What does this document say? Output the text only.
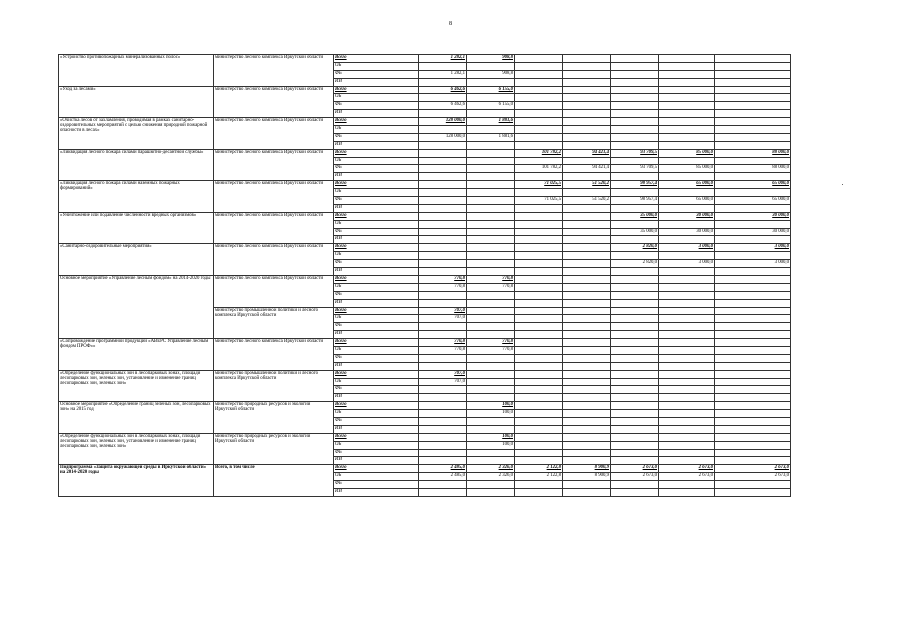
8
«Устройство противопожарных минерализованных полос»	министерство лесного комплекса Иркутской области	Всего	1 282,1	908,8					
		ОБ							
		ФБ	1 282,1	908,8					
		ИИ							
«Уход за лесами»	министерство лесного комплекса Иркутской области	Всего	6 462,6	6 155,0					
		ОБ							
		ФБ	6 462,6	6 155,0					
		ИИ							
«Очистка лесов от захламления, проводимая в рамках санитарно-оздоровительных мероприятий с целью снижения природной пожарной опасности в лесах»	министерство лесного комплекса Иркутской области	Всего	128 000,0	1 881,6					
		ОБ							
		ФБ	128 000,0	1 881,6					
		ИИ							
«Ликвидация лесного пожара силами парашютно-десантной службы»	министерство лесного комплекса Иркутской области	Всего			101 782,2	94 421,4	93 709,5	85 000,0	88 000,0
		ОБ							
		ФБ			101 782,2	94 421,4	93 709,5	85 000,0	88 000,0
		ИИ							
«Ликвидация лесного пожара силами наземных пожарных формирований»	министерство лесного комплекса Иркутской области	Всего			71 025,5	51 520,2	98 957,4	65 000,0	65 000,0
		ОБ							
		ФБ			71 025,5	51 520,2	98 957,4	65 000,0	65 000,0
		ИИ							
«Уничтожение или подавление численности вредных организмов»	министерство лесного комплекса Иркутской области	Всего					35 000,0	30 000,0	30 000,0
		ОБ							
		ФБ					35 000,0	30 000,0	30 000,0
		ИИ							
«Санитарно-оздоровительные мероприятия»	министерство лесного комплекса Иркутской области	Всего					2 820,0	3 000,0	3 000,0
		ОБ							
		ФБ					2 820,0	3 000,0	3 000,0
		ИИ							
Основное мероприятие «Управление лесным фондом» на 2014-2020 годы	министерство лесного комплекса Иркутской области	Всего	770,8	770,8					
		ОБ	770,8	770,8					
		ФБ							
		ИИ							
	министерство промышленной политики и лесного комплекса Иркутской области	Всего	707,0						
		ОБ	707,0						
		ФБ							
		ИИ							
«Сопровождение программной продукции «АВЕРС Управление лесным фондом ПРОФ»»	министерство лесного комплекса Иркутской области	Всего	770,8	770,8					
		ОБ	770,8	770,8					
		ФБ							
		ИИ							
«Определение функциональных зон в лесопарковых зонах, площади лесопарковых зон, зеленых зон, установление и изменение границ лесопарковых зон, зеленых зон»	министерство промышленной политики и лесного комплекса Иркутской области	Всего	707,0						
		ОБ	707,0						
		ФБ							
		ИИ							
Основное мероприятие «Определение границ зеленых зон, лесопарковых зон» на 2015 год	министерство природных ресурсов и экологии Иркутской области	Всего		100,0					
		ОБ		100,0					
		ФБ							
		ИИ							
«Определение функциональных зон в лесопарковых зонах, площади лесопарковых зон, зеленых зон, установление и изменение границ лесопарковых зон, зеленых зон»	министерство природных ресурсов и экологии Иркутской области	Всего		100,0					
		ОБ		100,0					
		ФБ							
		ИИ							
Подпрограмма «Защита окружающей среды в Иркутской области» на 2014-2020 годы	Всего, в том числе	Всего	2 485,0	2 326,0	2 122,8	8 900,9	2 673,0	2 673,0	2 673,0
		ОБ	2 485,0	2 326,0	2 122,8	8 900,9	2 673,0	2 673,0	2 673,0
		ФБ							
		ИИ							
